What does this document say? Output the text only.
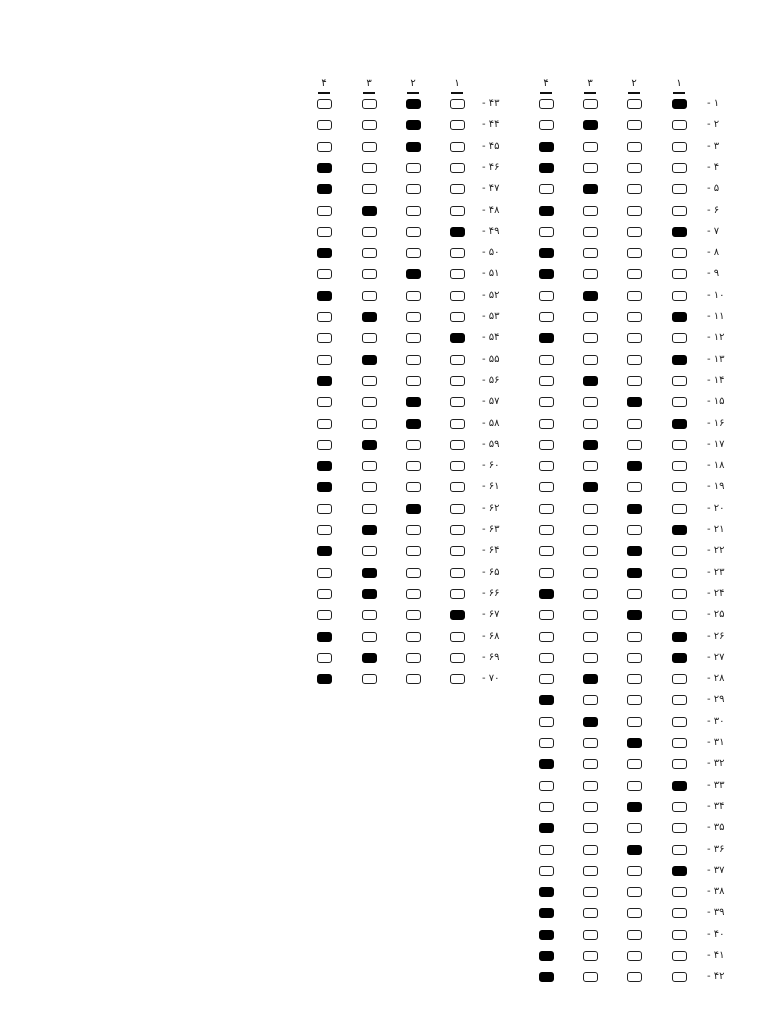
۱
۲
۳
۴
- ۱
- ۲
- ۳
- ۴
- ۵
- ۶
- ۷
- ۸
- ۹
- ۱۰
- ۱۱
- ۱۲
- ۱۳
- ۱۴
- ۱۵
- ۱۶
- ۱۷
- ۱۸
- ۱۹
- ۲۰
- ۲۱
- ۲۲
- ۲۳
- ۲۴
- ۲۵
- ۲۶
- ۲۷
- ۲۸
- ۲۹
- ۳۰
- ۳۱
- ۳۲
- ۳۳
- ۳۴
- ۳۵
- ۳۶
- ۳۷
- ۳۸
- ۳۹
- ۴۰
- ۴۱
- ۴۲
۱
۲
۳
۴
- ۴۳
- ۴۴
- ۴۵
- ۴۶
- ۴۷
- ۴۸
- ۴۹
- ۵۰
- ۵۱
- ۵۲
- ۵۳
- ۵۴
- ۵۵
- ۵۶
- ۵۷
- ۵۸
- ۵۹
- ۶۰
- ۶۱
- ۶۲
- ۶۳
- ۶۴
- ۶۵
- ۶۶
- ۶۷
- ۶۸
- ۶۹
- ۷۰
